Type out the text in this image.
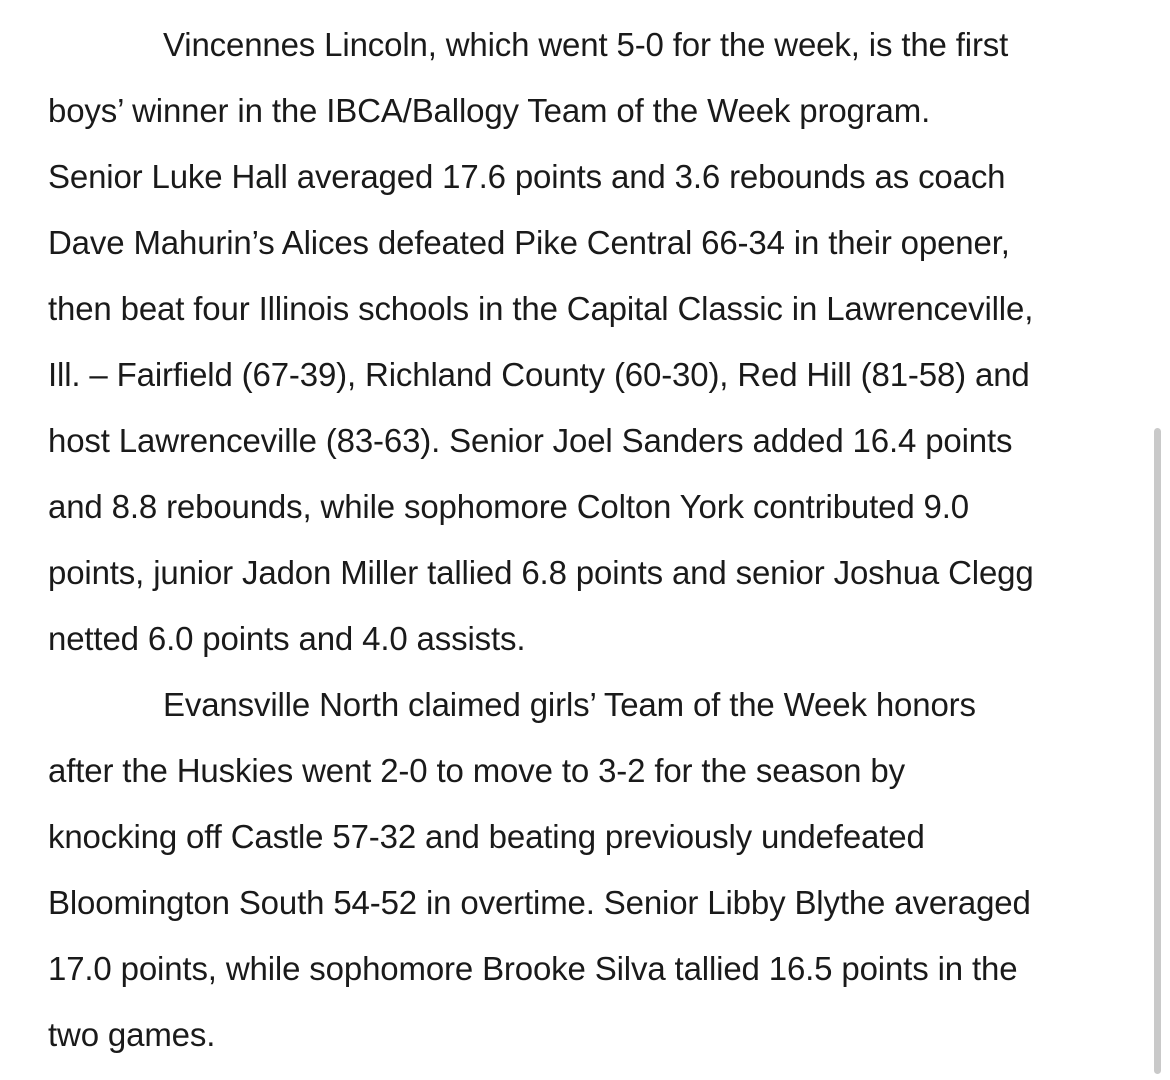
Vincennes Lincoln, which went 5-0 for the week, is the first
boys’ winner in the IBCA/Ballogy Team of the Week program.
Senior Luke Hall averaged 17.6 points and 3.6 rebounds as coach
Dave Mahurin’s Alices defeated Pike Central 66-34 in their opener,
then beat four Illinois schools in the Capital Classic in Lawrenceville,
Ill. – Fairfield (67-39), Richland County (60-30), Red Hill (81-58) and
host Lawrenceville (83-63). Senior Joel Sanders added 16.4 points
and 8.8 rebounds, while sophomore Colton York contributed 9.0
points, junior Jadon Miller tallied 6.8 points and senior Joshua Clegg
netted 6.0 points and 4.0 assists.
Evansville North claimed girls’ Team of the Week honors
after the Huskies went 2-0 to move to 3-2 for the season by
knocking off Castle 57-32 and beating previously undefeated
Bloomington South 54-52 in overtime. Senior Libby Blythe averaged
17.0 points, while sophomore Brooke Silva tallied 16.5 points in the
two games.
